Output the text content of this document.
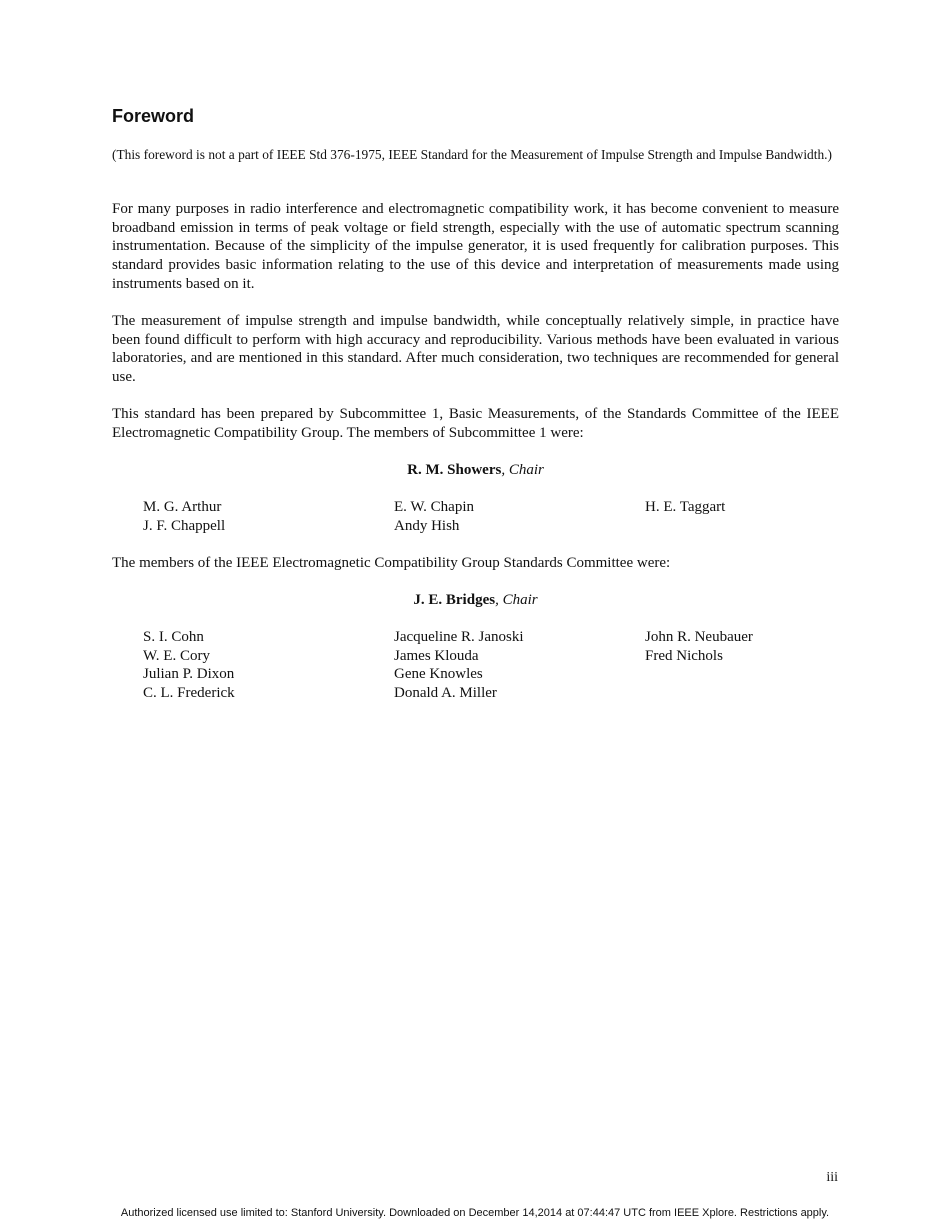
Foreword

(This foreword is not a part of IEEE Std 376-1975, IEEE Standard for the Measurement of Impulse Strength and Impulse Bandwidth.)

For many purposes in radio interference and electromagnetic compatibility work, it has become convenient to measure broadband emission in terms of peak voltage or field strength, especially with the use of automatic spectrum scanning instrumentation. Because of the simplicity of the impulse generator, it is used frequently for calibration purposes. This standard provides basic information relating to the use of this device and interpretation of measurements made using instruments based on it.

The measurement of impulse strength and impulse bandwidth, while conceptually relatively simple, in practice have been found difficult to perform with high accuracy and reproducibility. Various methods have been evaluated in various laboratories, and are mentioned in this standard. After much consideration, two techniques are recommended for general use.

This standard has been prepared by Subcommittee 1, Basic Measurements, of the Standards Committee of the IEEE Electromagnetic Compatibility Group. The members of Subcommittee 1 were:

R. M. Showers, Chair

M. G. Arthur	E. W. Chapin	H. E. Taggart
J. F. Chappell	Andy Hish

The members of the IEEE Electromagnetic Compatibility Group Standards Committee were:

J. E. Bridges, Chair

S. I. Cohn	Jacqueline R. Janoski	John R. Neubauer
W. E. Cory	James Klouda	Fred Nichols
Julian P. Dixon	Gene Knowles
C. L. Frederick	Donald A. Miller
iii
Authorized licensed use limited to: Stanford University. Downloaded on December 14,2014 at 07:44:47 UTC from IEEE Xplore. Restrictions apply.
